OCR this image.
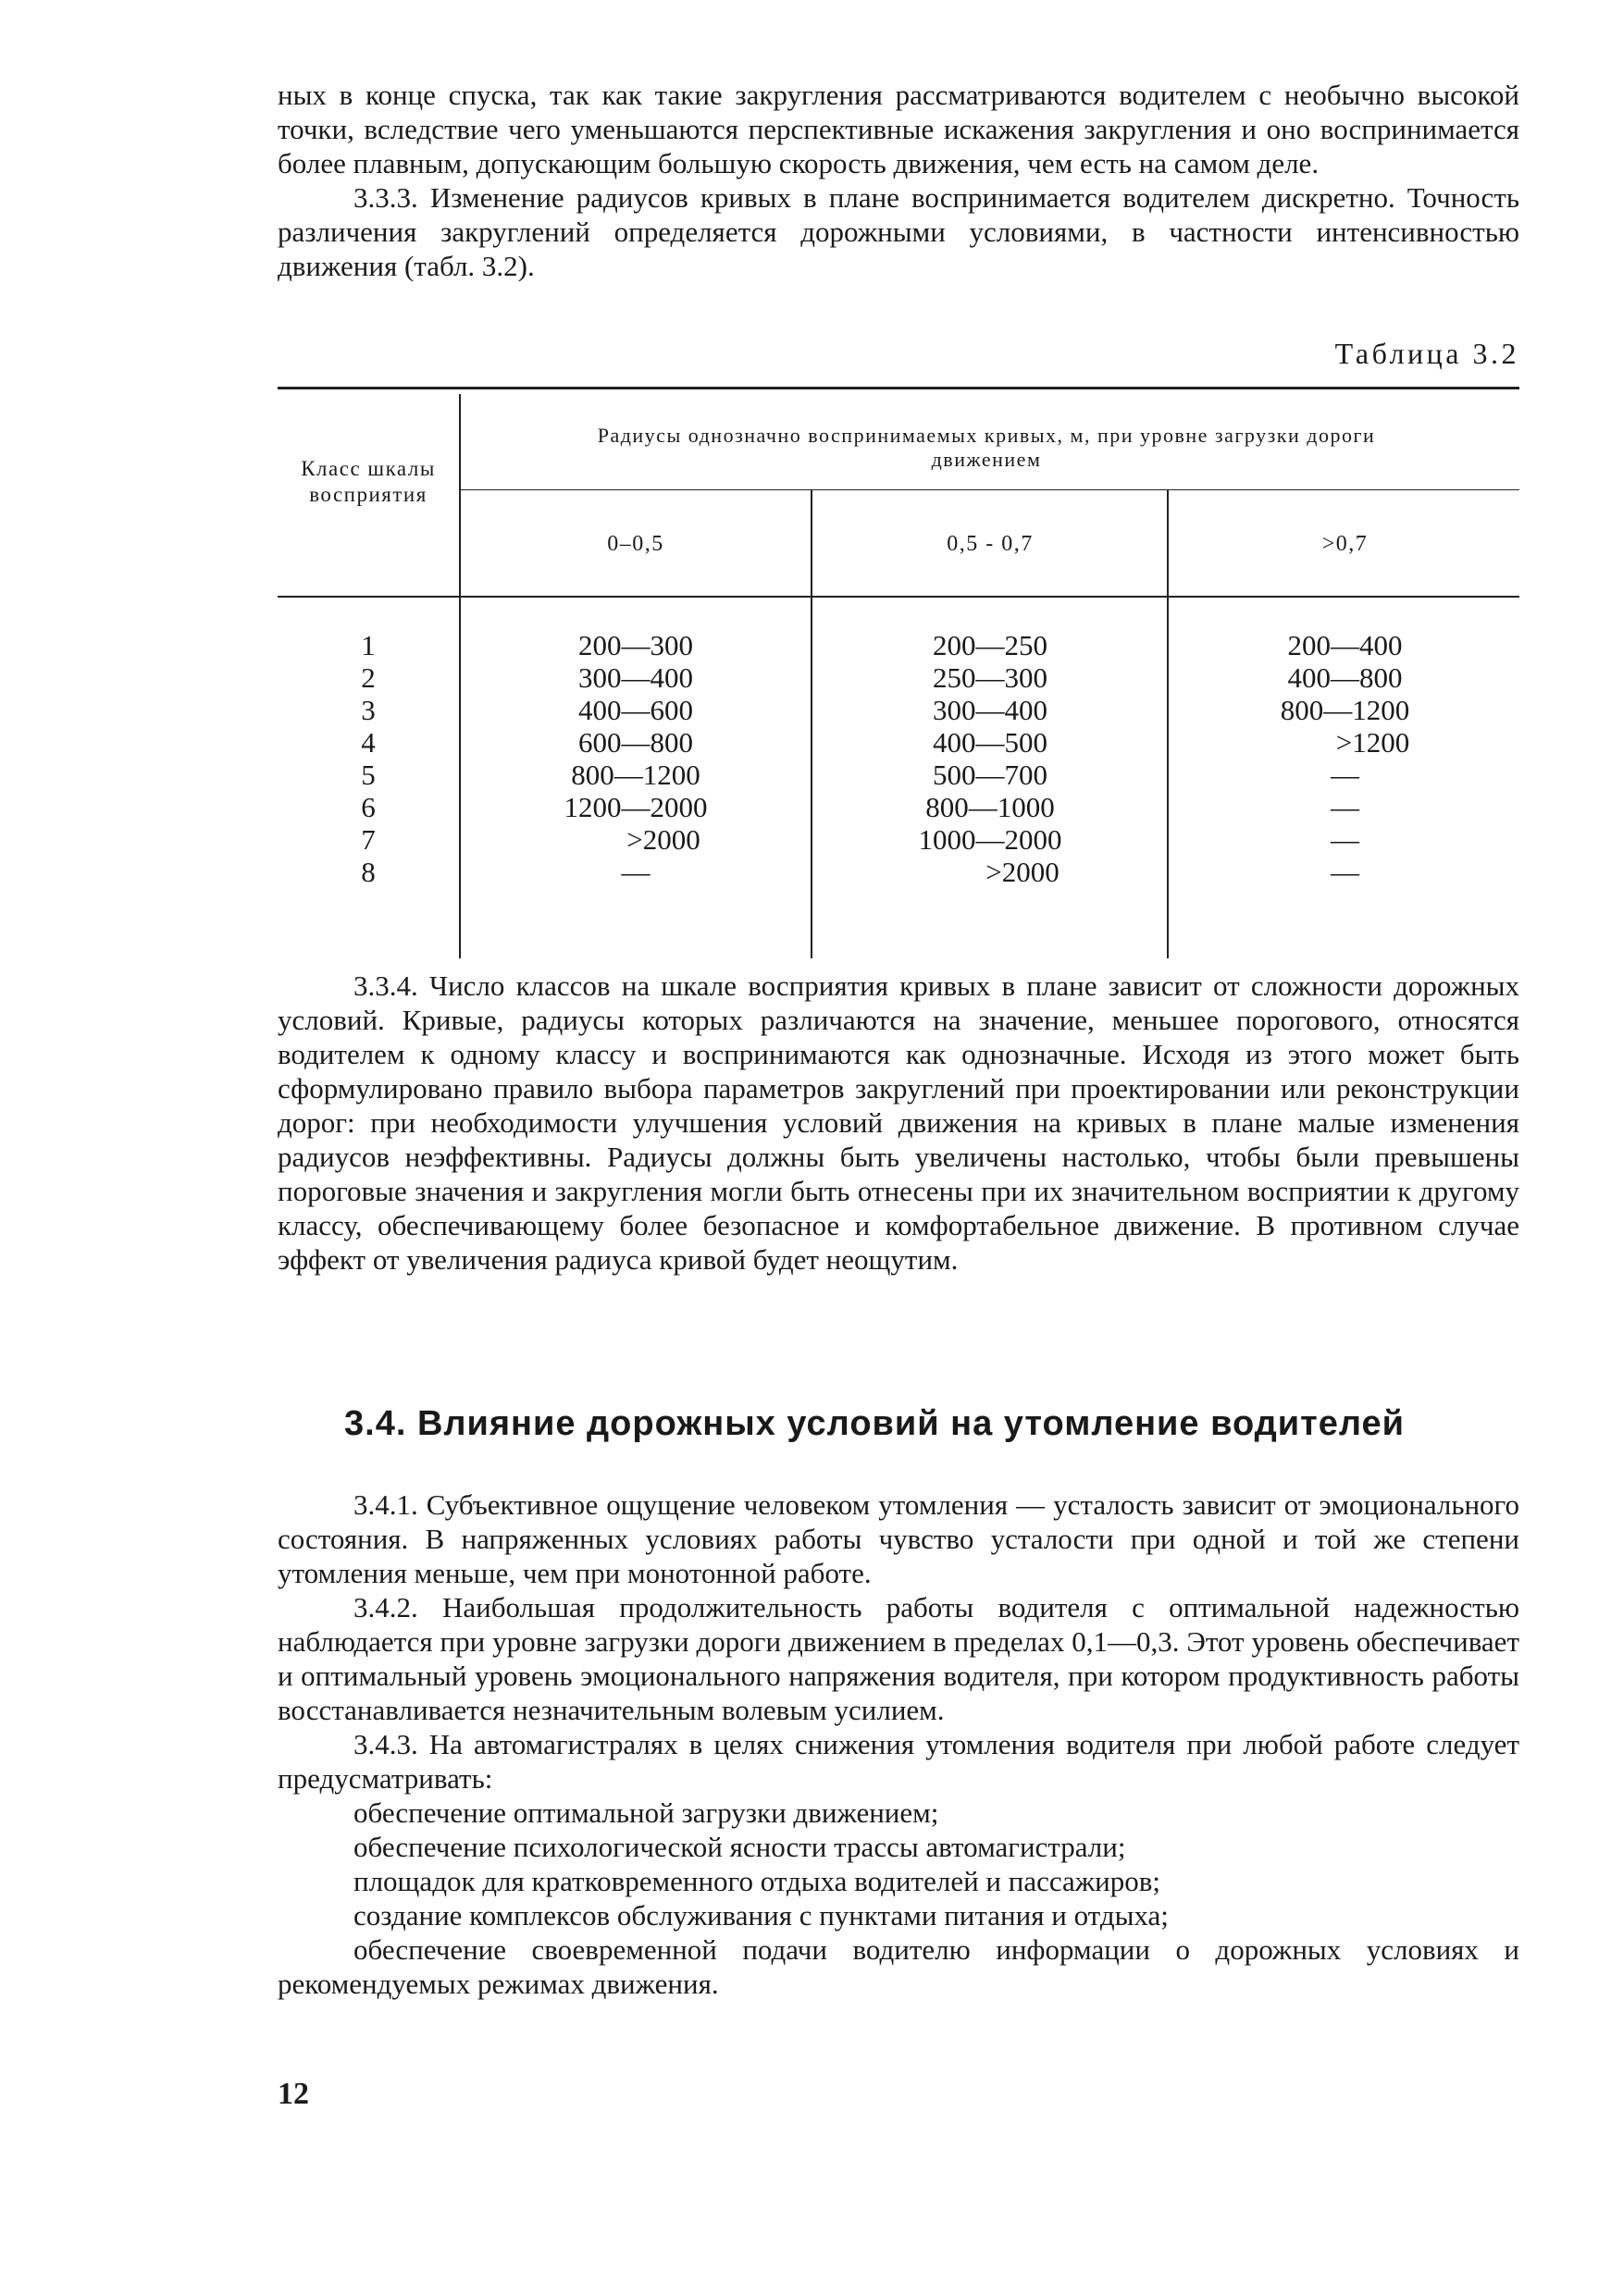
ных в конце спуска, так как такие закругления рассматриваются водителем с необычно высокой точки, вследствие чего уменьшаются перспективные искажения закругления и оно воспринимается более плавным, допускающим большую скорость движения, чем есть на самом деле.

3.3.3. Изменение радиусов кривых в плане воспринимается водителем дискретно. Точность различения закруглений определяется дорожными условиями, в частности интенсивностью движения (табл. 3.2).

Таблица 3.2
Класс шкалы восприятия
Радиусы однозначно воспринимаемых кривых, м, при уровне загрузки дороги движением
0–0,5	0,5 - 0,7	>0,7
1
2
3
4
5
6
7
8
200—300
300—400
400—600
600—800
800—1200
1200—2000
>2000
—
200—250
250—300
300—400
400—500
500—700
800—1000
1000—2000
>2000
200—400
400—800
800—1200
>1200
—
—
—
—

3.3.4. Число классов на шкале восприятия кривых в плане зависит от сложности дорожных условий. Кривые, радиусы которых различаются на значение, меньшее порогового, относятся водителем к одному классу и воспринимаются как однозначные. Исходя из этого может быть сформулировано правило выбора параметров закруглений при проектировании или реконструкции дорог: при необходимости улучшения условий движения на кривых в плане малые изменения радиусов неэффективны. Радиусы должны быть увеличены настолько, чтобы были превышены пороговые значения и закругления могли быть отнесены при их значительном восприятии к другому классу, обеспечивающему более безопасное и комфортабельное движение. В противном случае эффект от увеличения радиуса кривой будет неощутим.

3.4. Влияние дорожных условий на утомление водителей

3.4.1. Субъективное ощущение человеком утомления — усталость зависит от эмоционального состояния. В напряженных условиях работы чувство усталости при одной и той же степени утомления меньше, чем при монотонной работе.

3.4.2. Наибольшая продолжительность работы водителя с оптимальной надежностью наблюдается при уровне загрузки дороги движением в пределах 0,1—0,3. Этот уровень обеспечивает и оптимальный уровень эмоционального напряжения водителя, при котором продуктивность работы восстанавливается незначительным волевым усилием.

3.4.3. На автомагистралях в целях снижения утомления водителя при любой работе следует предусматривать:

обеспечение оптимальной загрузки движением;

обеспечение психологической ясности трассы автомагистрали;

площадок для кратковременного отдыха водителей и пассажиров;

создание комплексов обслуживания с пунктами питания и отдыха;

обеспечение своевременной подачи водителю информации о дорожных условиях и рекомендуемых режимах движения.

12
